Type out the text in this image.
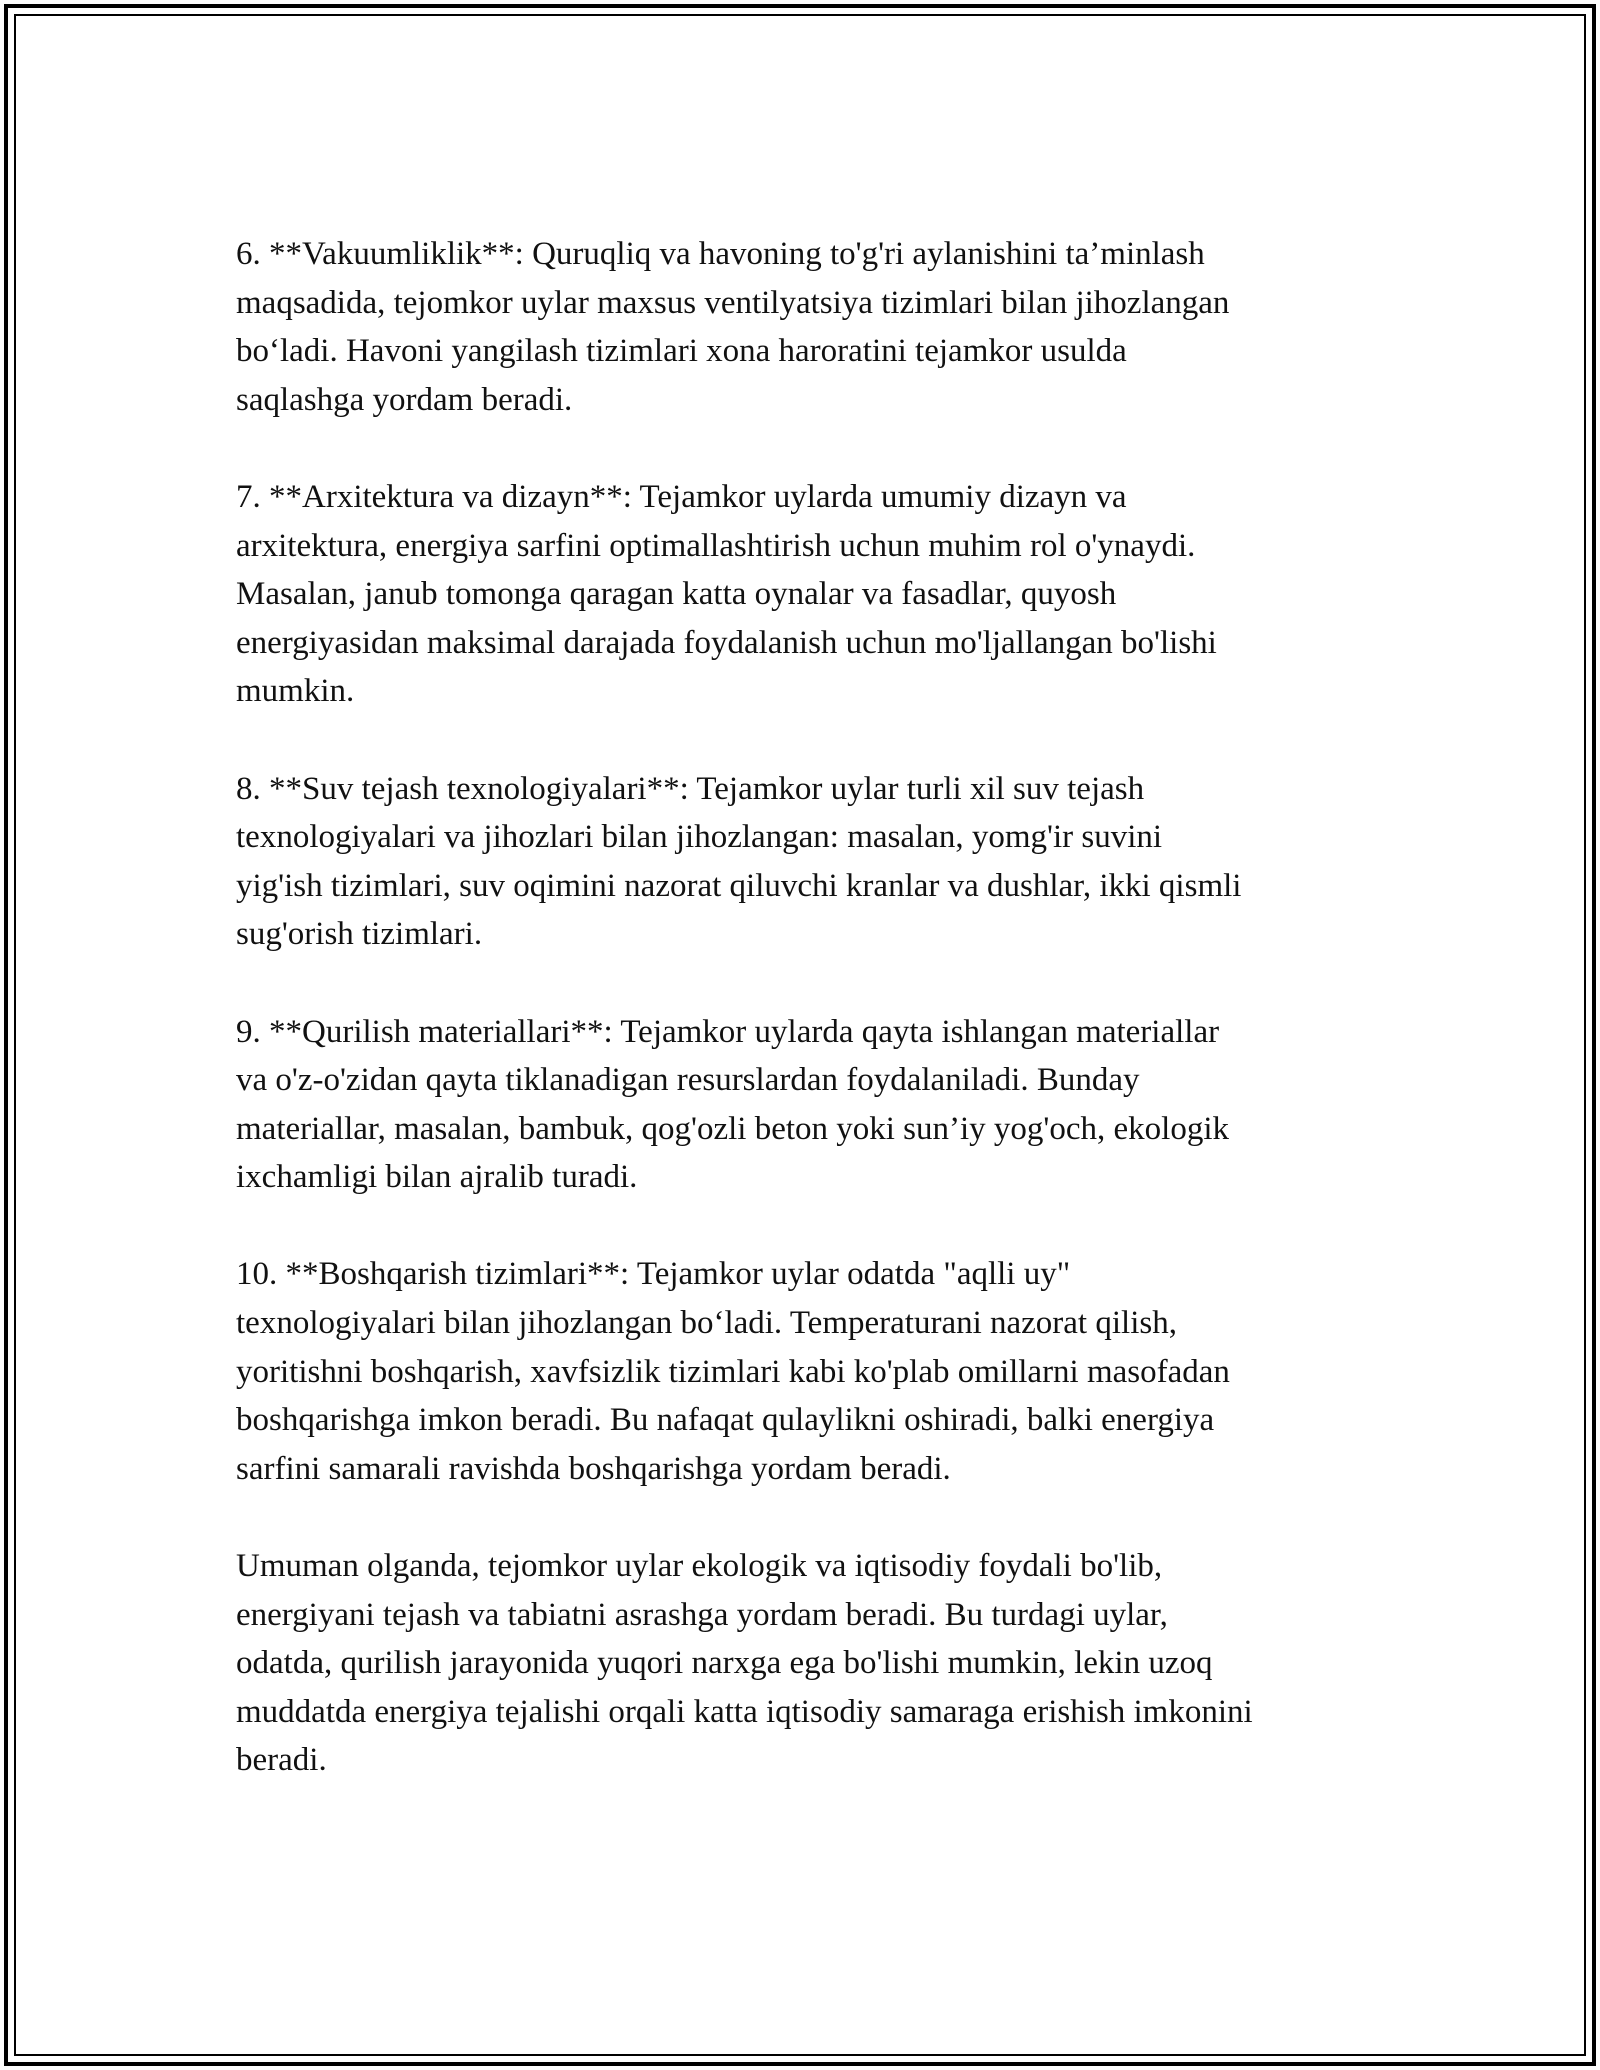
6. **Vakuumliklik**: Quruqliq va havoning to'g'ri aylanishini ta’minlash
maqsadida, tejomkor uylar maxsus ventilyatsiya tizimlari bilan jihozlangan
bo‘ladi. Havoni yangilash tizimlari xona haroratini tejamkor usulda
saqlashga yordam beradi.

7. **Arxitektura va dizayn**: Tejamkor uylarda umumiy dizayn va
arxitektura, energiya sarfini optimallashtirish uchun muhim rol o'ynaydi.
Masalan, janub tomonga qaragan katta oynalar va fasadlar, quyosh
energiyasidan maksimal darajada foydalanish uchun mo'ljallangan bo'lishi
mumkin.

8. **Suv tejash texnologiyalari**: Tejamkor uylar turli xil suv tejash
texnologiyalari va jihozlari bilan jihozlangan: masalan, yomg'ir suvini
yig'ish tizimlari, suv oqimini nazorat qiluvchi kranlar va dushlar, ikki qismli
sug'orish tizimlari.

9. **Qurilish materiallari**: Tejamkor uylarda qayta ishlangan materiallar
va o'z-o'zidan qayta tiklanadigan resurslardan foydalaniladi. Bunday
materiallar, masalan, bambuk, qog'ozli beton yoki sun’iy yog'och, ekologik
ixchamligi bilan ajralib turadi.

10. **Boshqarish tizimlari**: Tejamkor uylar odatda "aqlli uy"
texnologiyalari bilan jihozlangan bo‘ladi. Temperaturani nazorat qilish,
yoritishni boshqarish, xavfsizlik tizimlari kabi ko'plab omillarni masofadan
boshqarishga imkon beradi. Bu nafaqat qulaylikni oshiradi, balki energiya
sarfini samarali ravishda boshqarishga yordam beradi.

Umuman olganda, tejomkor uylar ekologik va iqtisodiy foydali bo'lib,
energiyani tejash va tabiatni asrashga yordam beradi. Bu turdagi uylar,
odatda, qurilish jarayonida yuqori narxga ega bo'lishi mumkin, lekin uzoq
muddatda energiya tejalishi orqali katta iqtisodiy samaraga erishish imkonini
beradi.
